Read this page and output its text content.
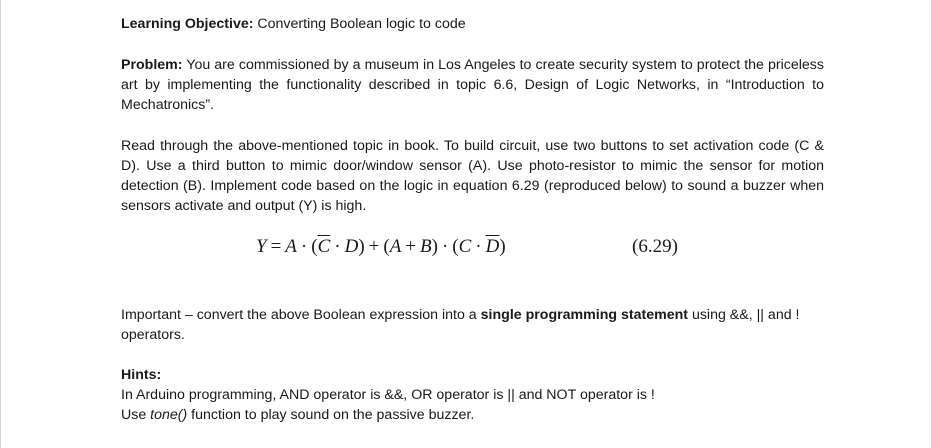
Learning Objective: Converting Boolean logic to code
Problem: You are commissioned by a museum in Los Angeles to create security system to protect the priceless art by implementing the functionality described in topic 6.6, Design of Logic Networks, in “Introduction to Mechatronics”.
Read through the above-mentioned topic in book. To build circuit, use two buttons to set activation code (C & D). Use a third button to mimic door/window sensor (A). Use photo-resistor to mimic the sensor for motion detection (B). Implement code based on the logic in equation 6.29 (reproduced below) to sound a buzzer when sensors activate and output (Y) is high.
$Y = A \cdot (\overline{C} \cdot D) + (A + B) \cdot (C \cdot \overline{D})$	(6.29)
Important – convert the above Boolean expression into a single programming statement using &&, || and ! operators.
Hints:
In Arduino programming, AND operator is &&, OR operator is || and NOT operator is !
Use tone() function to play sound on the passive buzzer.
